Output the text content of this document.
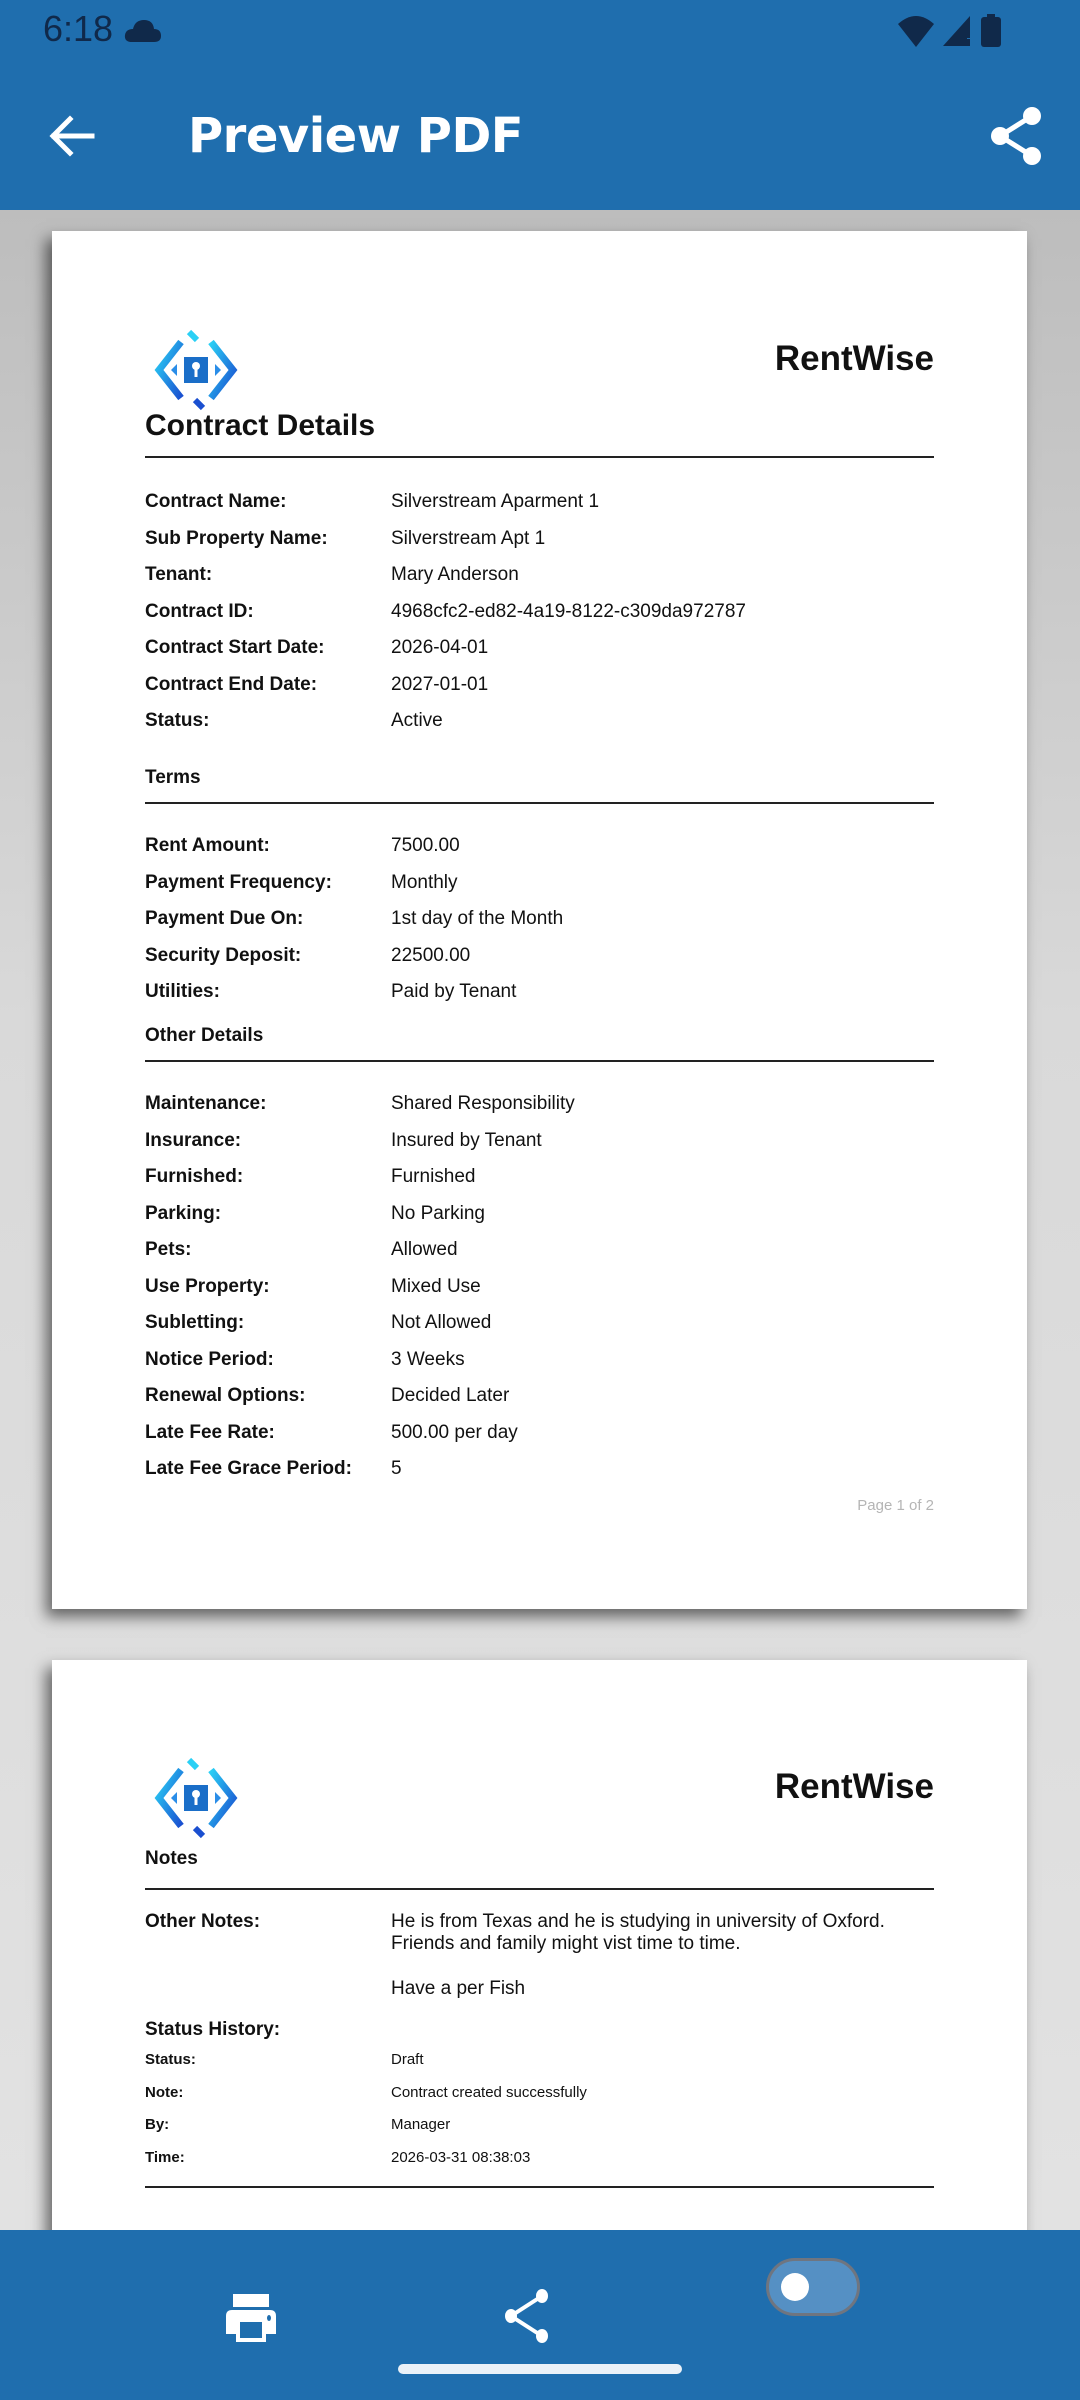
6:18
Preview PDF
RentWise
Contract Details
Contract Name:	Silverstream Aparment 1
Sub Property Name:	Silverstream Apt 1
Tenant:	Mary Anderson
Contract ID:	4968cfc2-ed82-4a19-8122-c309da972787
Contract Start Date:	2026-04-01
Contract End Date:	2027-01-01
Status:	Active
Terms
Rent Amount:	7500.00
Payment Frequency:	Monthly
Payment Due On:	1st day of the Month
Security Deposit:	22500.00
Utilities:	Paid by Tenant
Other Details
Maintenance:	Shared Responsibility
Insurance:	Insured by Tenant
Furnished:	Furnished
Parking:	No Parking
Pets:	Allowed
Use Property:	Mixed Use
Subletting:	Not Allowed
Notice Period:	3 Weeks
Renewal Options:	Decided Later
Late Fee Rate:	500.00 per day
Late Fee Grace Period:	5
Page 1 of 2
RentWise
Notes
Other Notes:	He is from Texas and he is studying in university of Oxford.
Friends and family might vist time to time.
Have a per Fish
Status History:
Status:	Draft
Note:	Contract created successfully
By:	Manager
Time:	2026-03-31 08:38:03
